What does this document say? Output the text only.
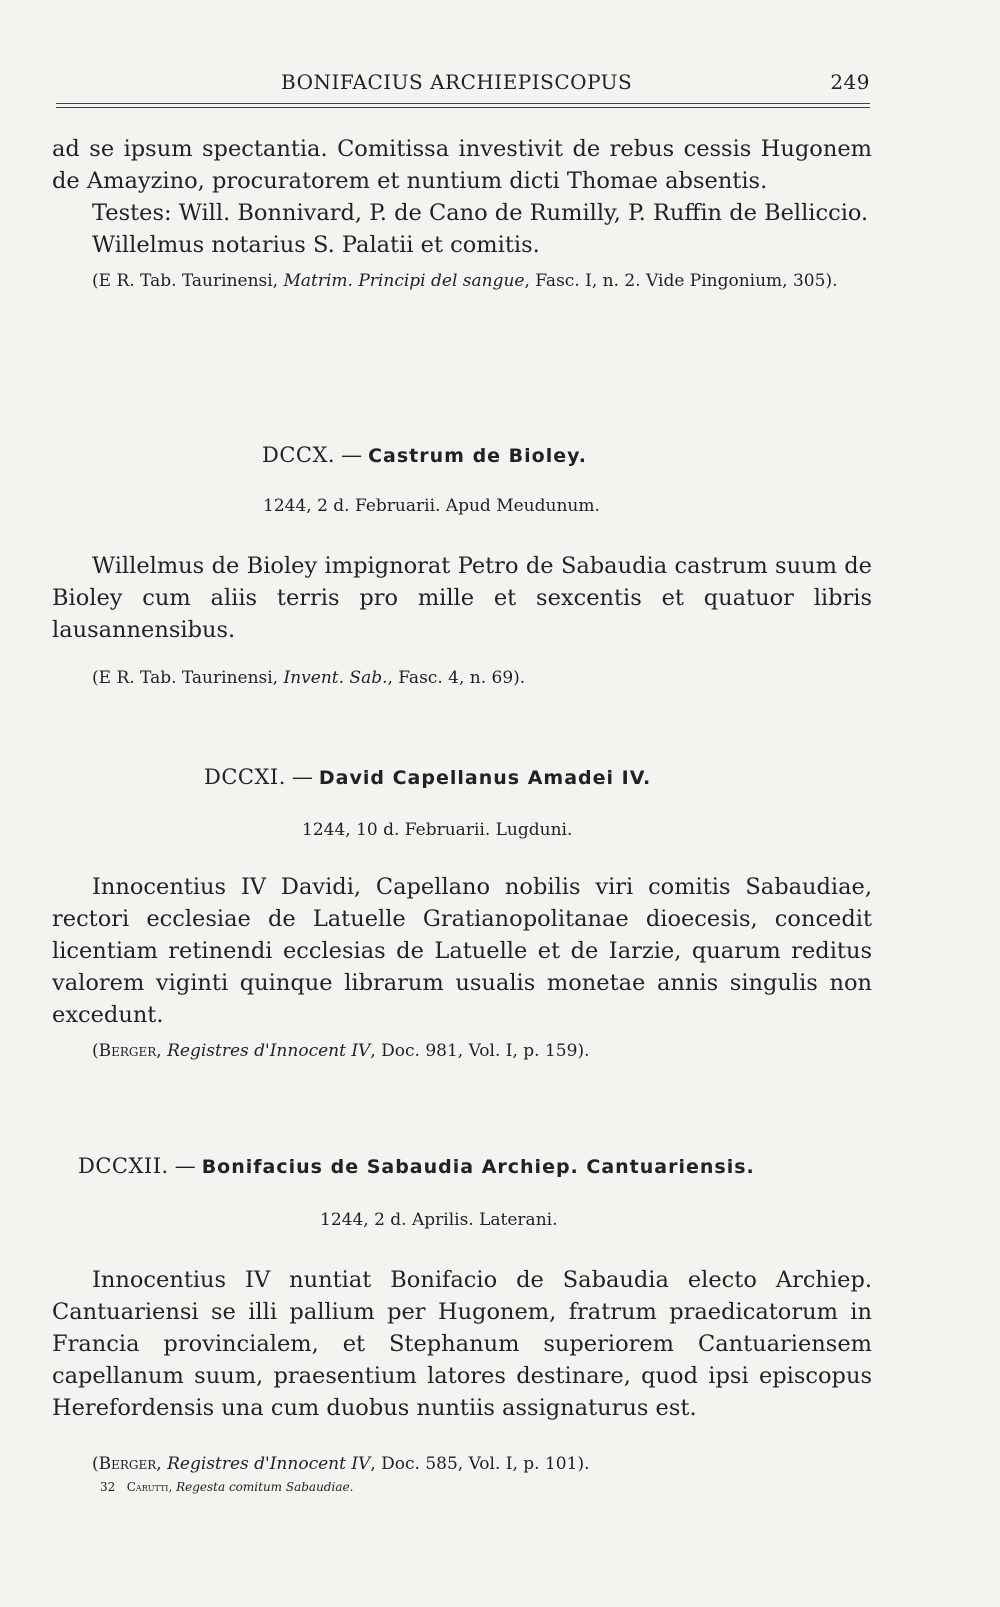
BONIFACIUS ARCHIEPISCOPUS	249

ad se ipsum spectantia. Comitissa investivit de rebus cessis Hugonem de Amayzino, procuratorem et nuntium dicti Thomae absentis.

Testes: Will. Bonnivard, P. de Cano de Rumilly, P. Ruffin de Belliccio.

Willelmus notarius S. Palatii et comitis.

(E R. Tab. Taurinensi, Matrim. Principi del sangue, Fasc. I, n. 2. Vide Pingonium, 305).

DCCX. — Castrum de Bioley.
1244, 2 d. Februarii. Apud Meudunum.

Willelmus de Bioley impignorat Petro de Sabaudia castrum suum de Bioley cum aliis terris pro mille et sexcentis et quatuor libris lausannensibus.

(E R. Tab. Taurinensi, Invent. Sab., Fasc. 4, n. 69).

DCCXI. — David Capellanus Amadei IV.
1244, 10 d. Februarii. Lugduni.

Innocentius IV Davidi, Capellano nobilis viri comitis Sabaudiae, rectori ecclesiae de Latuelle Gratianopolitanae dioecesis, concedit licentiam retinendi ecclesias de Latuelle et de Iarzie, quarum reditus valorem viginti quinque librarum usualis monetae annis singulis non excedunt.

(Berger, Registres d'Innocent IV, Doc. 981, Vol. I, p. 159).

DCCXII. — Bonifacius de Sabaudia Archiep. Cantuariensis.
1244, 2 d. Aprilis. Laterani.

Innocentius IV nuntiat Bonifacio de Sabaudia electo Archiep. Cantuariensi se illi pallium per Hugonem, fratrum praedicatorum in Francia provincialem, et Stephanum superiorem Cantuariensem capellanum suum, praesentium latores destinare, quod ipsi episcopus Herefordensis una cum duobus nuntiis assignaturus est.

(Berger, Registres d'Innocent IV, Doc. 585, Vol. I, p. 101).

32 Carutti, Regesta comitum Sabaudiae.
